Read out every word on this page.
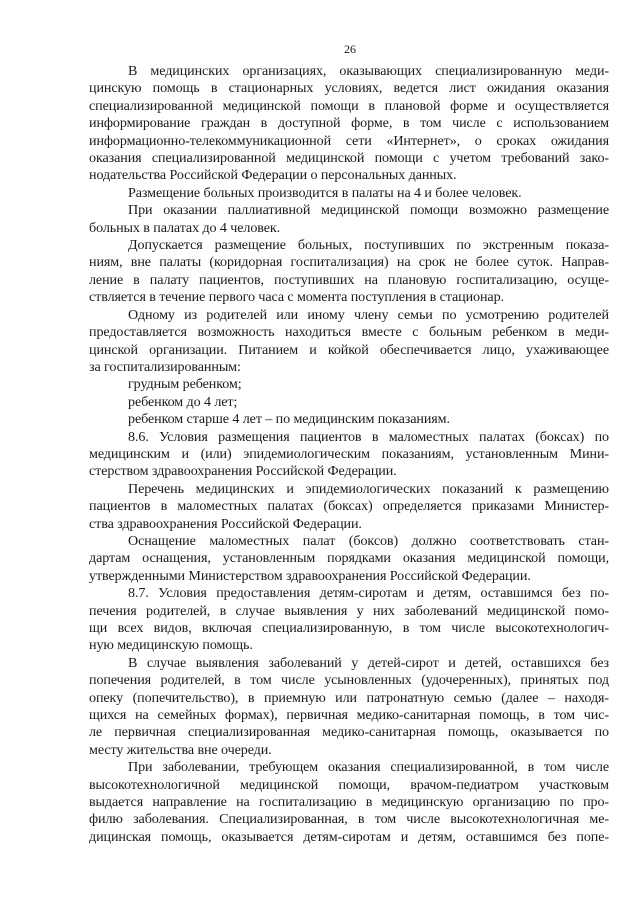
26
В медицинских организациях, оказывающих специализированную меди-
цинскую помощь в стационарных условиях, ведется лист ожидания оказания
специализированной медицинской помощи в плановой форме и осуществляется
информирование граждан в доступной форме, в том числе с использованием
информационно-телекоммуникационной сети «Интернет», о сроках ожидания
оказания специализированной медицинской помощи с учетом требований зако-
нодательства Российской Федерации о персональных данных.
Размещение больных производится в палаты на 4 и более человек.
При оказании паллиативной медицинской помощи возможно размещение
больных в палатах до 4 человек.
Допускается размещение больных, поступивших по экстренным показа-
ниям, вне палаты (коридорная госпитализация) на срок не более суток. Направ-
ление в палату пациентов, поступивших на плановую госпитализацию, осуще-
ствляется в течение первого часа с момента поступления в стационар.
Одному из родителей или иному члену семьи по усмотрению родителей
предоставляется возможность находиться вместе с больным ребенком в меди-
цинской организации. Питанием и койкой обеспечивается лицо, ухаживающее
за госпитализированным:
грудным ребенком;
ребенком до 4 лет;
ребенком старше 4 лет – по медицинским показаниям.
8.6. Условия размещения пациентов в маломестных палатах (боксах) по
медицинским и (или) эпидемиологическим показаниям, установленным Мини-
стерством здравоохранения Российской Федерации.
Перечень медицинских и эпидемиологических показаний к размещению
пациентов в маломестных палатах (боксах) определяется приказами Министер-
ства здравоохранения Российской Федерации.
Оснащение маломестных палат (боксов) должно соответствовать стан-
дартам оснащения, установленным порядками оказания медицинской помощи,
утвержденными Министерством здравоохранения Российской Федерации.
8.7. Условия предоставления детям-сиротам и детям, оставшимся без по-
печения родителей, в случае выявления у них заболеваний медицинской помо-
щи всех видов, включая специализированную, в том числе высокотехнологич-
ную медицинскую помощь.
В случае выявления заболеваний у детей-сирот и детей, оставшихся без
попечения родителей, в том числе усыновленных (удочеренных), принятых под
опеку (попечительство), в приемную или патронатную семью (далее – находя-
щихся на семейных формах), первичная медико-санитарная помощь, в том чис-
ле первичная специализированная медико-санитарная помощь, оказывается по
месту жительства вне очереди.
При заболевании, требующем оказания специализированной, в том числе
высокотехнологичной медицинской помощи, врачом-педиатром участковым
выдается направление на госпитализацию в медицинскую организацию по про-
филю заболевания. Специализированная, в том числе высокотехнологичная ме-
дицинская помощь, оказывается детям-сиротам и детям, оставшимся без попе-
